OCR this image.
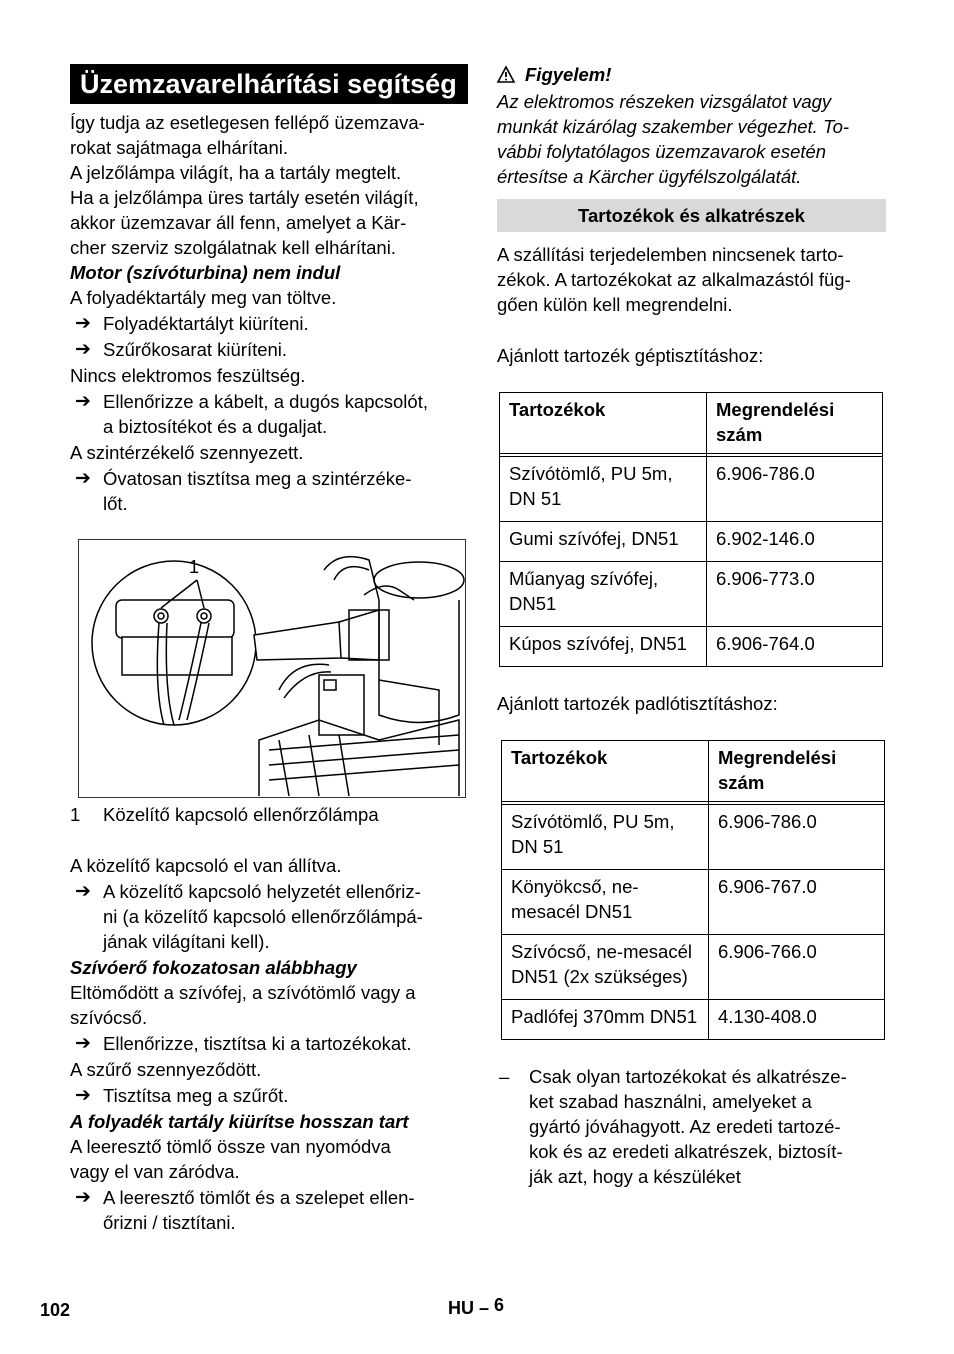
Üzemzavarelhárítási segítség

Így tudja az esetlegesen fellépő üzemzava-

rokat sajátmaga elhárítani.

A jelzőlámpa világít, ha a tartály megtelt.

Ha a jelzőlámpa üres tartály esetén világít,

akkor üzemzavar áll fenn, amelyet a Kär-

cher szerviz szolgálatnak kell elhárítani.

Motor (szívóturbina) nem indul

A folyadéktartály meg van töltve.

➔ Folyadéktartályt kiüríteni.
➔ Szűrőkosarat kiüríteni.

Nincs elektromos feszültség.

➔ Ellenőrizze a kábelt, a dugós kapcsolót,
a biztosítékot és a dugaljat.

A szintérzékelő szennyezett.

➔ Óvatosan tisztítsa meg a szintérzéke-
lőt.
1

1 Közelítő kapcsoló ellenőrzőlámpa

A közelítő kapcsoló el van állítva.

➔ A közelítő kapcsoló helyzetét ellenőriz-
ni (a közelítő kapcsoló ellenőrzőlámpá-
jának világítani kell).

Szívóerő fokozatosan alábbhagy

Eltömődött a szívófej, a szívótömlő vagy a
szívócső.

➔ Ellenőrizze, tisztítsa ki a tartozékokat.

A szűrő szennyeződött.

➔ Tisztítsa meg a szűrőt.

A folyadék tartály kiürítse hosszan tart

A leeresztő tömlő össze van nyomódva
vagy el van záródva.

➔ A leeresztő tömlőt és a szelepet ellen-
őrizni / tisztítani.
Figyelem!

Az elektromos részeken vizsgálatot vagy
munkát kizárólag szakember végezhet. To-
vábbi folytatólagos üzemzavarok esetén
értesítse a Kärcher ügyfélszolgálatát.

Tartozékok és alkatrészek

A szállítási terjedelemben nincsenek tarto-
zékok. A tartozékokat az alkalmazástól füg-
gően külön kell megrendelni.

Ajánlott tartozék géptisztításhoz:

Tartozékok	Megrendelési szám

Szívótömlő, PU 5m, DN 51	6.906-786.0
Gumi szívófej, DN51	6.902-146.0
Műanyag szívófej, DN51	6.906-773.0
Kúpos szívófej, DN51	6.906-764.0

Ajánlott tartozék padlótisztításhoz:

Tartozékok	Megrendelési szám

Szívótömlő, PU 5m, DN 51	6.906-786.0
Könyökcső, ne-mesacél DN51	6.906-767.0
Szívócső, ne-mesacél DN51 (2x szükséges)	6.906-766.0
Padlófej 370mm DN51	4.130-408.0
– Csak olyan tartozékokat és alkatrésze-
ket szabad használni, amelyeket a
gyártó jóváhagyott. Az eredeti tartozé-
kok és az eredeti alkatrészek, biztosít-
ják azt, hogy a készüléket
102	HU – 6
